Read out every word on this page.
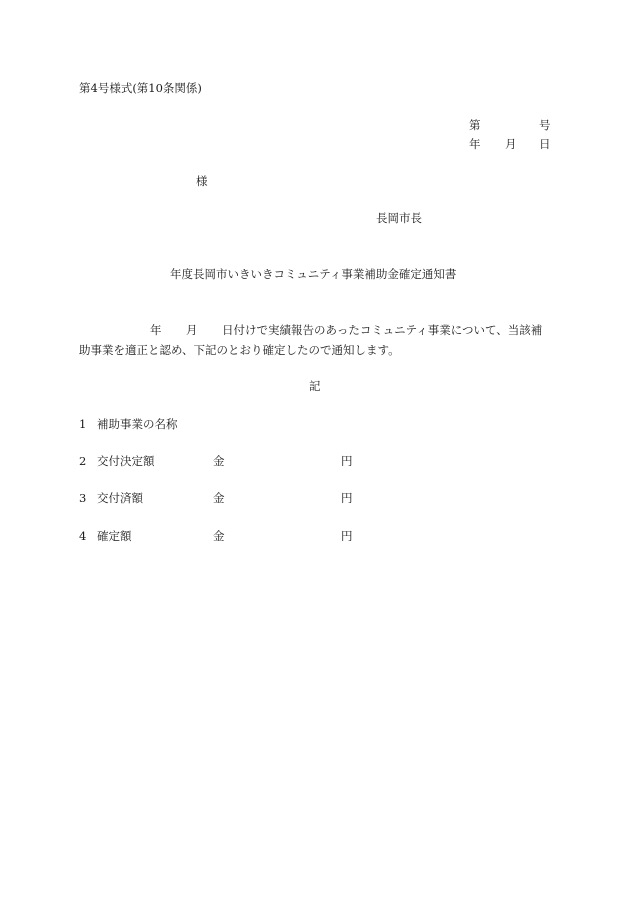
第4号様式(第10条関係)
第	号
年 月 日
様
長岡市長
年度長岡市いきいきコミュニティ事業補助金確定通知書
年 月 日付けで実績報告のあったコミュニティ事業について、当該補
助事業を適正と認め、下記のとおり確定したので通知します。
記
1 補助事業の名称
2 交付決定額	金	円
3 交付済額	金	円
4 確定額	金	円
